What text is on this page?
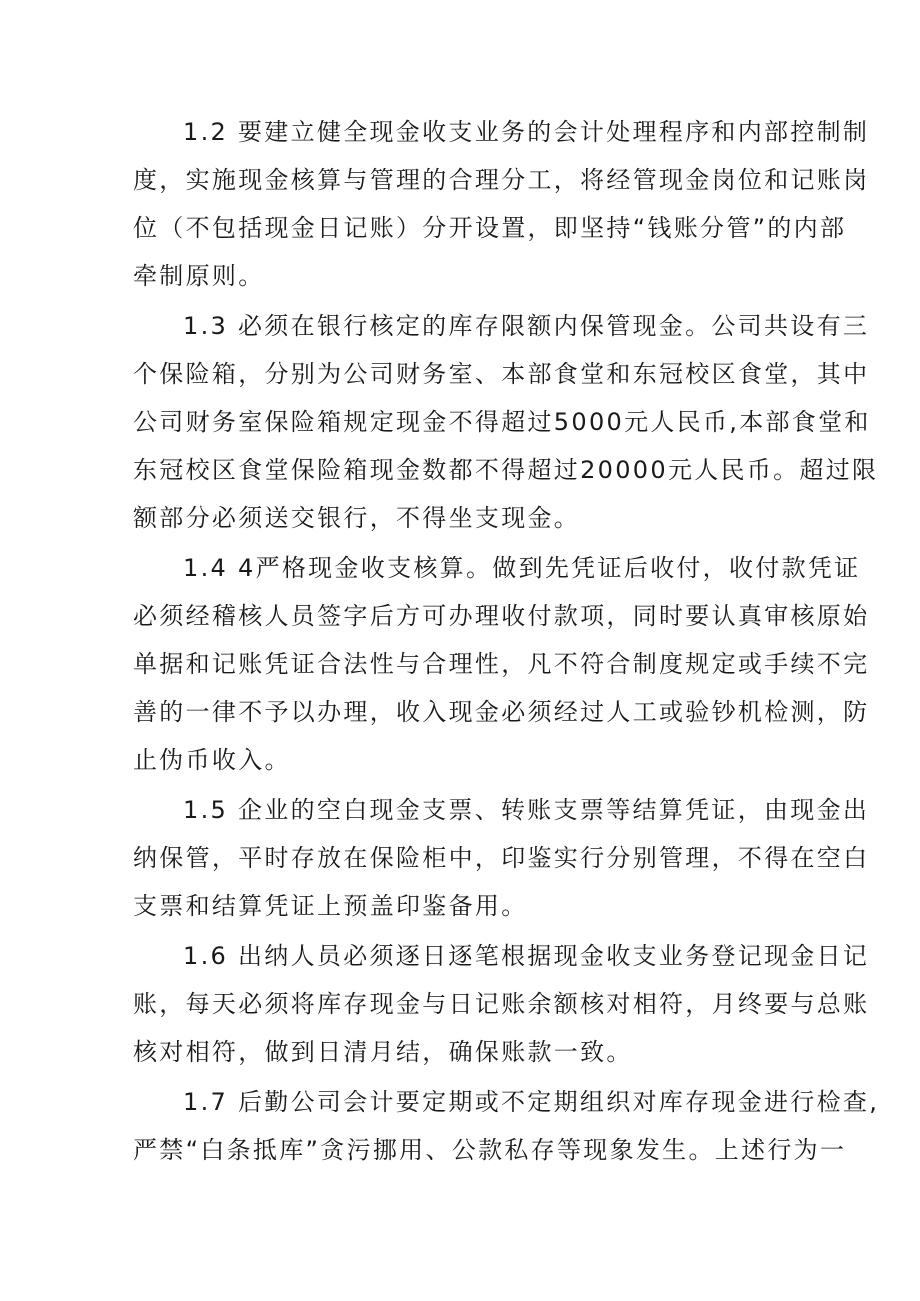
1.2 要建立健全现金收支业务的会计处理程序和内部控制制
度，实施现金核算与管理的合理分工，将经管现金岗位和记账岗
位（不包括现金日记账）分开设置，即坚持“钱账分管”的内部
牵制原则。
1.3 必须在银行核定的库存限额内保管现金。公司共设有三
个保险箱，分别为公司财务室、本部食堂和东冠校区食堂，其中
公司财务室保险箱规定现金不得超过5000元人民币,本部食堂和
东冠校区食堂保险箱现金数都不得超过20000元人民币。超过限
额部分必须送交银行，不得坐支现金。
1.4 4严格现金收支核算。做到先凭证后收付，收付款凭证
必须经稽核人员签字后方可办理收付款项，同时要认真审核原始
单据和记账凭证合法性与合理性，凡不符合制度规定或手续不完
善的一律不予以办理，收入现金必须经过人工或验钞机检测，防
止伪币收入。
1.5 企业的空白现金支票、转账支票等结算凭证，由现金出
纳保管，平时存放在保险柜中，印鉴实行分别管理，不得在空白
支票和结算凭证上预盖印鉴备用。
1.6 出纳人员必须逐日逐笔根据现金收支业务登记现金日记
账，每天必须将库存现金与日记账余额核对相符，月终要与总账
核对相符，做到日清月结，确保账款一致。
1.7 后勤公司会计要定期或不定期组织对库存现金进行检查,
严禁“白条抵库”贪污挪用、公款私存等现象发生。上述行为一
